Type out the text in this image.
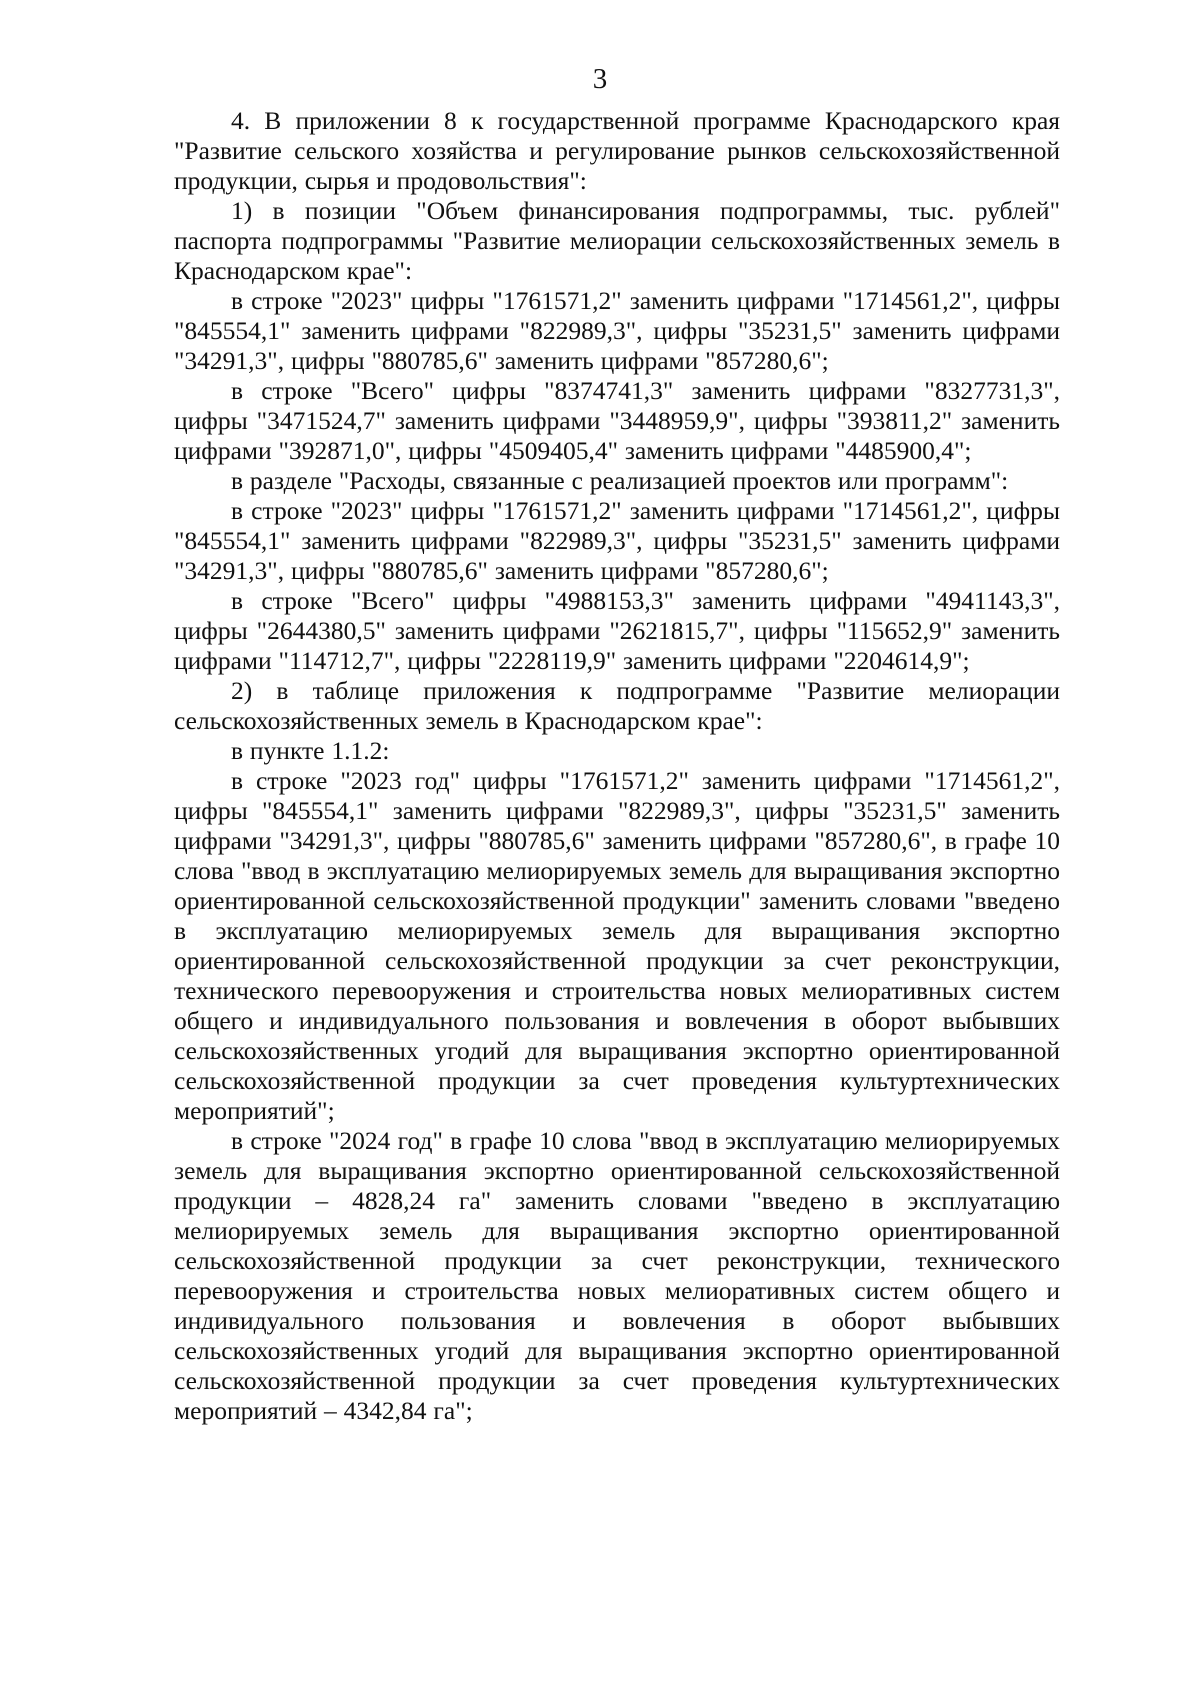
3

4. В приложении 8 к государственной программе Краснодарского края "Развитие сельского хозяйства и регулирование рынков сельскохозяйственной продукции, сырья и продовольствия":

1) в позиции "Объем финансирования подпрограммы, тыс. рублей" паспорта подпрограммы "Развитие мелиорации сельскохозяйственных земель в Краснодарском крае":

в строке "2023" цифры "1761571,2" заменить цифрами "1714561,2", цифры "845554,1" заменить цифрами "822989,3", цифры "35231,5" заменить цифрами "34291,3", цифры "880785,6" заменить цифрами "857280,6";

в строке "Всего" цифры "8374741,3" заменить цифрами "8327731,3", цифры "3471524,7" заменить цифрами "3448959,9", цифры "393811,2" заменить цифрами "392871,0", цифры "4509405,4" заменить цифрами "4485900,4";

в разделе "Расходы, связанные с реализацией проектов или программ":

в строке "2023" цифры "1761571,2" заменить цифрами "1714561,2", цифры "845554,1" заменить цифрами "822989,3", цифры "35231,5" заменить цифрами "34291,3", цифры "880785,6" заменить цифрами "857280,6";

в строке "Всего" цифры "4988153,3" заменить цифрами "4941143,3", цифры "2644380,5" заменить цифрами "2621815,7", цифры "115652,9" заменить цифрами "114712,7", цифры "2228119,9" заменить цифрами "2204614,9";

2) в таблице приложения к подпрограмме "Развитие мелиорации сельскохозяйственных земель в Краснодарском крае":

в пункте 1.1.2:

в строке "2023 год" цифры "1761571,2" заменить цифрами "1714561,2", цифры "845554,1" заменить цифрами "822989,3", цифры "35231,5" заменить цифрами "34291,3", цифры "880785,6" заменить цифрами "857280,6", в графе 10 слова "ввод в эксплуатацию мелиорируемых земель для выращивания экспортно ориентированной сельскохозяйственной продукции" заменить словами "введено в эксплуатацию мелиорируемых земель для выращивания экспортно ориентированной сельскохозяйственной продукции за счет реконструкции, технического перевооружения и строительства новых мелиоративных систем общего и индивидуального пользования и вовлечения в оборот выбывших сельскохозяйственных угодий для выращивания экспортно ориентированной сельскохозяйственной продукции за счет проведения культуртехнических мероприятий";

в строке "2024 год" в графе 10 слова "ввод в эксплуатацию мелиорируемых земель для выращивания экспортно ориентированной сельскохозяйственной продукции – 4828,24 га" заменить словами "введено в эксплуатацию мелиорируемых земель для выращивания экспортно ориентированной сельскохозяйственной продукции за счет реконструкции, технического перевооружения и строительства новых мелиоративных систем общего и индивидуального пользования и вовлечения в оборот выбывших сельскохозяйственных угодий для выращивания экспортно ориентированной сельскохозяйственной продукции за счет проведения культуртехнических мероприятий – 4342,84 га";
